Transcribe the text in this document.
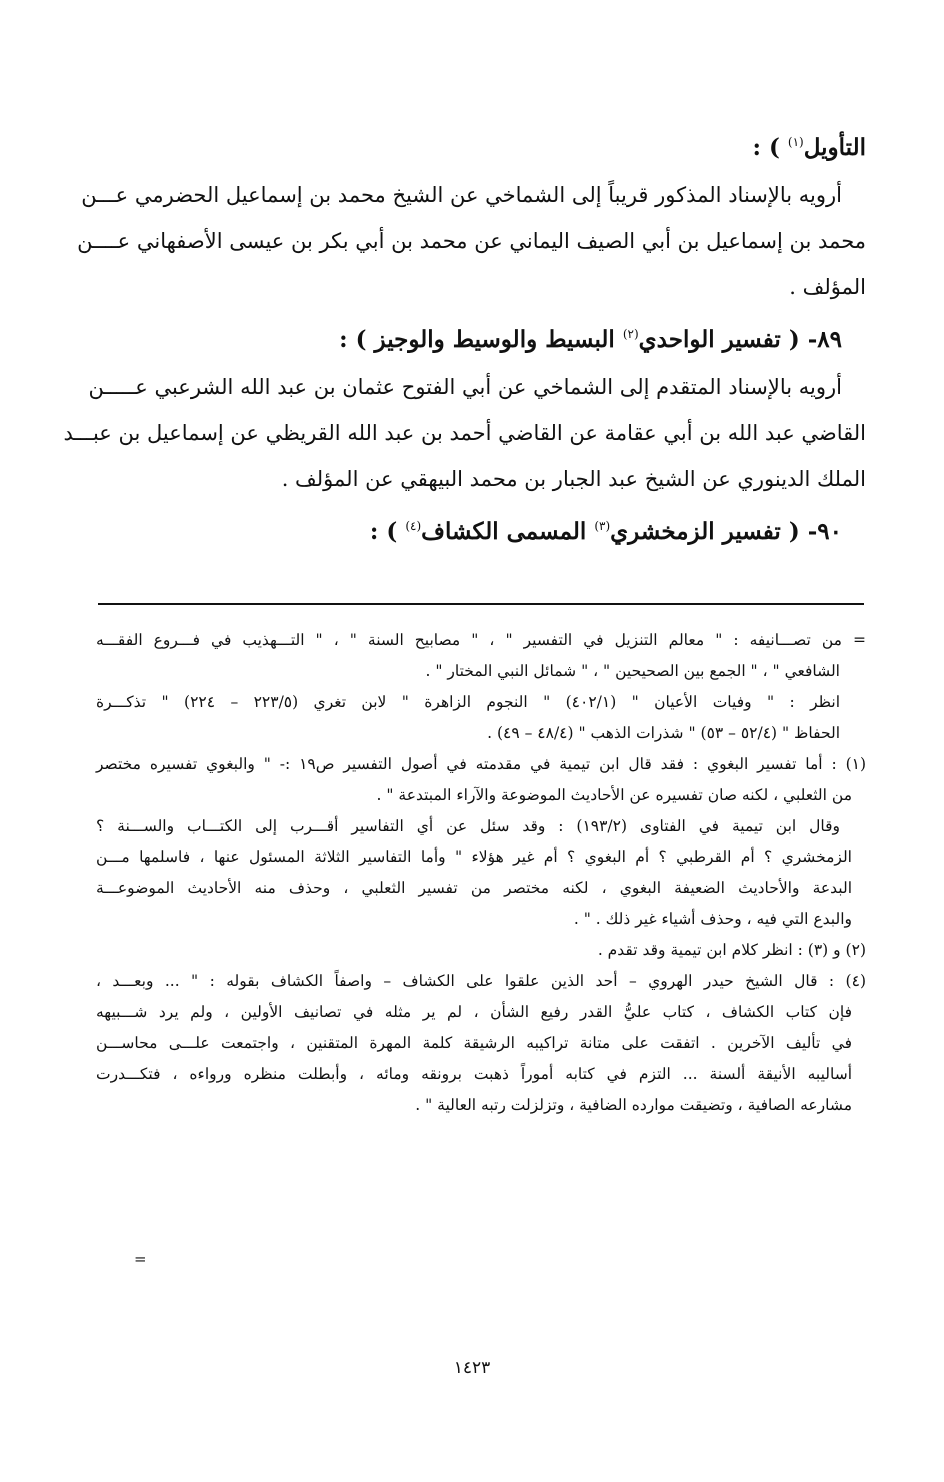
التأويل$^{(١)}$ ) :
أرويه بالإسناد المذكور قريباً إلى الشماخي عن الشيخ محمد بن إسماعيل الحضرمي عـــن
محمد بن إسماعيل بن أبي الصيف اليماني عن محمد بن أبي بكر بن عيسى الأصفهاني عــــن
المؤلف .
٨٩- ( تفسير الواحدي$^{(٢)}$ البسيط والوسيط والوجيز ) :
أرويه بالإسناد المتقدم إلى الشماخي عن أبي الفتوح عثمان بن عبد الله الشرعبي عـــــن
القاضي عبد الله بن أبي عقامة عن القاضي أحمد بن عبد الله القريظي عن إسماعيل بن عبـــد
الملك الدينوري عن الشيخ عبد الجبار بن محمد البيهقي عن المؤلف .
٩٠- ( تفسير الزمخشري$^{(٣)}$ المسمى الكشاف$^{(٤)}$ ) :
= من تصـــانيفه : " معالم التنزيل في التفسير " ، " مصابيح السنة " ، " التـــهذيب في فـــروع الفقـــه
الشافعي " ، " الجمع بين الصحيحين " ، " شمائل النبي المختار " .
انظر : " وفيات الأعيان " (٤٠٢/١) " النجوم الزاهرة " لابن تغري (٢٢٣/٥ – ٢٢٤) " تذكـــرة
الحفاظ " (٥٢/٤ – ٥٣) " شذرات الذهب " (٤٨/٤ – ٤٩) .
(١) : أما تفسير البغوي : فقد قال ابن تيمية في مقدمته في أصول التفسير ص١٩ :- " والبغوي تفسيره مختصر
من الثعلبي ، لكنه صان تفسيره عن الأحاديث الموضوعة والآراء المبتدعة " .
وقال ابن تيمية في الفتاوى (١٩٣/٢) : وقد سئل عن أي التفاسير أقـــرب إلى الكتـــاب والســـنة ؟
الزمخشري ؟ أم القرطبي ؟ أم البغوي ؟ أم غير هؤلاء " وأما التفاسير الثلاثة المسئول عنها ، فاسلمها مـــن
البدعة والأحاديث الضعيفة البغوي ، لكنه مختصر من تفسير الثعلبي ، وحذف منه الأحاديث الموضوعـــة
والبدع التي فيه ، وحذف أشياء غير ذلك . " .
(٢) و (٣) : انظر كلام ابن تيمية وقد تقدم .
(٤) : قال الشيخ حيدر الهروي – أحد الذين علقوا على الكشاف – واصفاً الكشاف بقوله : " ... وبعـــد ،
فإن كتاب الكشاف ، كتاب عليُّ القدر رفيع الشأن ، لم ير مثله في تصانيف الأولين ، ولم يرد شـــبيهه
في تأليف الآخرين . اتفقت على متانة تراكيبه الرشيقة كلمة المهرة المتقنين ، واجتمعت علـــى محاســـن
أساليبه الأنيقة ألسنة ... التزم في كتابه أموراً ذهبت برونقه ومائه ، وأبطلت منظره ورواءه ، فتكـــدرت
مشارعه الصافية ، وتضيقت موارده الضافية ، وتزلزلت رتبه العالية " .
=
١٤٢٣
